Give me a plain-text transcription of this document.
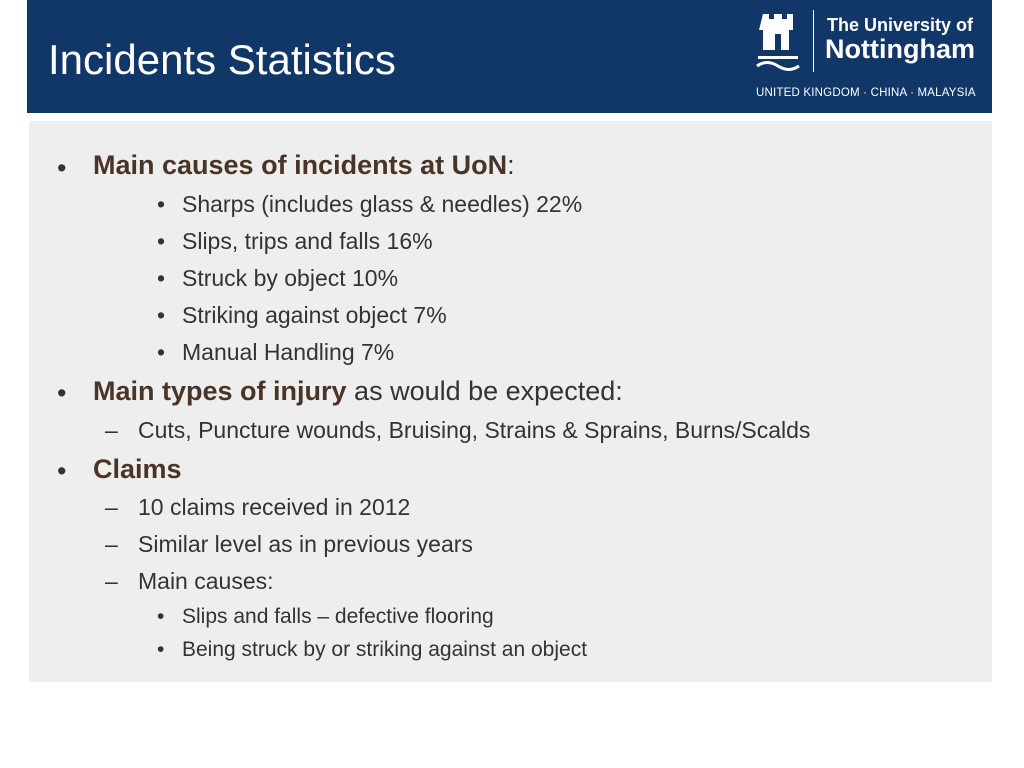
Incidents Statistics
The University of
Nottingham
UNITED KINGDOM · CHINA · MALAYSIA
• Main causes of incidents at UoN:
• Sharps (includes glass & needles) 22%
• Slips, trips and falls 16%
• Struck by object 10%
• Striking against object 7%
• Manual Handling 7%
• Main types of injury as would be expected:
– Cuts, Puncture wounds, Bruising, Strains & Sprains, Burns/Scalds
• Claims
– 10 claims received in 2012
– Similar level as in previous years
– Main causes:
• Slips and falls – defective flooring
• Being struck by or striking against an object
